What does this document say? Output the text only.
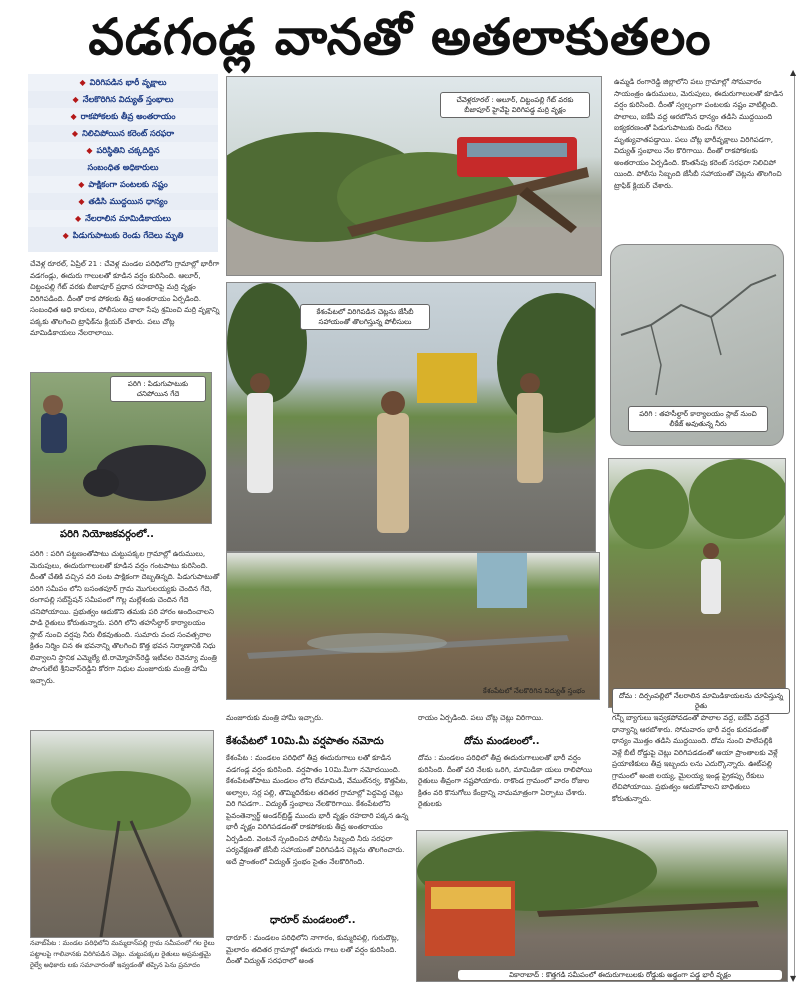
వడగండ్ల వానతో అతలాకుతలం
◆ విరిగిపడిన భారీ వృక్షాలు
◆ నేలకొరిగిన విద్యుత్ స్తంభాలు
◆ రాకపోకలకు తీవ్ర అంతరాయం
◆ నిలిచిపోయిన కరెంట్ సరఫరా
◆ పరిస్థితిని చక్కదిద్దిన
సంబంధిత అధికారులు
◆ పాక్షికంగా పంటలకు నష్టం
◆ తడిసి ముద్దయిన ధాన్యం
◆ నేలరాలిన మామిడికాయలు
◆ పిడుగుపాటుకు రెండు గేదెలు మృతి
చేవెళ్ల రూరల్, ఏప్రిల్ 21 : చేవెళ్ల మండల పరిధిలోని గ్రామాల్లో భారీగా వడగండ్లు, ఈదురు గాలులతో కూడిన వర్షం కురిసింది. ఆలూర్, చిట్టంపల్లి గేట్ వరకు బీజాపూర్ ప్రధాన రహదారిపై మర్రి వృక్షం విరిగిపడింది. దీంతో రాక పోకలకు తీవ్ర అంతరాయం ఏర్పడింది. సంబంధిత అధి కారులు, పోలీసులు చాలా సేపు శ్రమించి మర్రి వృక్షాన్ని పక్కకు తొలగించి ట్రాఫిక్‌ను క్లియర్ చేశారు. పలు చోట్ల మామిడికాయలు నేలరాలాయి.
చేవెళ్లరూరల్ : ఆలూర్, చిట్టంపల్లి గేట్ వరకు బీజాపూర్ హైవేపై విరిగిపడ్డ మర్రి వృక్షం
ఉమ్మడి రంగారెడ్డి జిల్లాలోని పలు గ్రామాల్లో సోమవారం సాయంత్రం ఉరుములు, మెరుపులు, ఈదురుగాలులతో కూడిన వర్షం కురిసింది. దీంతో స్వల్పంగా పంటలకు నష్టం వాటిల్లింది. పొలాలు, ఐకేపీ వద్ద ఆరబోసిన ధాన్యం తడిసి ముద్దయింది ఐక్యకరణంతో పిడుగుపాటుకు రెండు గేదెలు మృత్యువాతపడ్డాయి. పలు చోట్ల భారీవృక్షాలు విరిగిపడగా, విద్యుత్ స్తంభాలు నేల కొరిగాయి. దీంతో రాకపోకలకు అంతరాయం ఏర్పడింది. కొంతసేపు కరెంట్ సరఫరా నిలిచిపో యింది. పోలీసు సిబ్బంది జేసీబీ సహాయంతో చెట్లను తొలగించి ట్రాఫిక్ క్లియర్ చేశారు.
పరిగి : తహసీల్దార్ కార్యాలయం స్లాబ్ నుంచి లీకేజ్ అవుతున్న నీరు
పరిగి : పిడుగుపాటుకు చనిపోయిన గేదె
పరిగి నియోజకవర్గంలో..
పరిగి : పరిగి పట్టణంతోపాటు చుట్టుపక్కల గ్రామాల్లో ఉరుములు, మెరుపులు, ఈదురుగాలులతో కూడిన వర్షం గంటపాటు కురిసింది. దీంతో చేతికి వచ్చిన వరి పంట పాక్షికంగా దెబ్బతిన్నది. పిడుగుపాటుతో పరిగి సమీపం లోని బసంతపూర్ గ్రామ మొగులయ్యకు చెందిన గేదె, రంగాపల్లి సబ్‌స్టేషన్ సమీపంలో గొల్ల మల్లేశంకు చెందిన గేదె చనిపోయాయి. ప్రభుత్వం ఆదుకొని తమకు పరి హారం అందించాలని పాడి రైతులు కోరుతున్నారు. పరిగి లోని తహసీల్దార్ కార్యాలయం స్లాబ్ నుంచి వర్షపు నీరు లీకవుతుంది. సుమారు వంద సంవత్సరాల క్రితం నిర్మిం చిన ఈ భవనాన్ని తొలగించి కొత్త భవన నిర్మాణానికి నిధు లివ్వాలని స్థానిక ఎమ్మెల్యే టి.రామ్మోహన్‌రెడ్డి ఇటీవల రెవెన్యూ మంత్రి పొంగులేటి శ్రీనివాస్‌రెడ్డిని కోరగా నిధుల మంజూరుకు మంత్రి హామీ ఇచ్చారు.
కేశంపేటలో విరిగిపడిన చెట్లను జేసీబీ సహాయంతో తొలగిస్తున్న పోలీసులు
కేశంపేటలో నేలకొరిగిన విద్యుత్ స్తంభం
దోమ : దిర్సంపల్లిలో నేలరాలిన మామిడికాయలను చూపిస్తున్న రైతు
మంజూరుకు మంత్రి హామీ ఇచ్చారు.
కేశంపేటలో 10మి.మీ వర్షపాతం నమోదు
కేశంపేట : మండలం పరిధిలో తీవ్ర ఈదురుగాలు లతో కూడిన వడగండ్ల వర్షం కురిసింది. వర్షపాతం 10మి.మీగా నమోదయింది. కేశంపేటతోపాటు మండలం లోని లేమామిడి, వేముల్‌నర్వ, కొత్తపేట, అల్వాల, సర్ల పల్లి, తొమ్మిదిరేకుల తదితర గ్రామాల్లో పెద్దపెద్ద చెట్లు విరి గిపడగా.. విద్యుత్ స్తంభాలు నేలకొరిగాయి. కేశంపేటలోని పైవంతెన్వార్ఖ్ అండర్‌బ్రిడ్జ్ ముందు భారీ వృక్షం రహదారి పక్కన ఉన్న భారీ వృక్షం విరిగిపడడంతో రాకపోకలకు తీవ్ర అంతరాయం ఏర్పడింది. వెంటనే స్పందించిన పోలీసు సిబ్బంది నీరు సరఫరా పర్యవేక్షణతో జేసీబీ సహాయంతో విరిగిపడిన చెట్లను తొలగించారు. అదే ప్రాంతంలో విద్యుత్ స్తంభం సైతం నేలకొరిగింది.
ధారూర్ మండలంలో..
ధారూర్ : మండలం పరిధిలోని నాగారం, కుమ్మరిపల్లి, గురుదొట్ల, మైలారం తదితర గ్రామాల్లో ఈదురు గాలు లతో వర్షం కురిసింది. దీంతో విద్యుత్ సరఫరాలో అంత
రాయం ఏర్పడింది. పలు చోట్ల చెట్లు విరిగాయి.
దోమ మండలంలో..
దోమ : మండలం పరిధిలో తీవ్ర ఈదురుగాలులతో భారీ వర్షం కురిసింది. దీంతో వరి నేలకు ఒరిగి, మామిడికా యలు రాలిపోయి రైతులు తీవ్రంగా నష్టపోయారు. రాకొండ గ్రామంలో వారం రోజుల క్రితం వరి కొనుగోలు కేంద్రాన్ని నామమాత్రంగా ఏర్పాటు చేశారు. రైతులకు
గన్నీ బ్యాగులు ఇవ్వకపోవడంతో పొలాల వద్ద, ఐకేపీ వద్దనే ధాన్యాన్ని ఆరబోశారు. సోమవారం భారీ వర్షం కురవడంతో ధాన్యం మొత్తం తడిసి ముద్దయింది. దోమ నుంచి పాలేపల్లికి వెళ్లే బీటీ రోడ్డుపై చెట్లు విరిగిపడడంతో ఆయా ప్రాంతాలకు వెళ్లే ప్రయాణికులు తీవ్ర ఇబ్బందు లను ఎదుర్కొన్నారు. ఊట్‌పల్లి గ్రామంలో అంజి లయ్య, మైలయ్య ఇండ్ల ప్రైకప్పు రేకులు లేచిపోయాయి. ప్రభుత్వం ఆదుకోవాలని బాధితులు కోరుతున్నారు.
నవాబ్‌పేట : మండల పరిధిలోని మమ్మదాన్‌పల్లి గ్రామ సమీపంలో గల రైలు పట్టాలపై గాలివానకు విరిగిపడిన చెట్లు. చుట్టుపక్కల రైతులు అప్రమత్తమై రైల్వే అధికారు లకు సమాచారంతో ఇవ్వడంతో తప్పిన పెను ప్రమాదం
వికారాబాద్ : కొత్తగడి సమీపంలో ఈదురుగాలులకు రోడ్డుకు అడ్డంగా పడ్డ భారీ వృక్షం
▲
▼
